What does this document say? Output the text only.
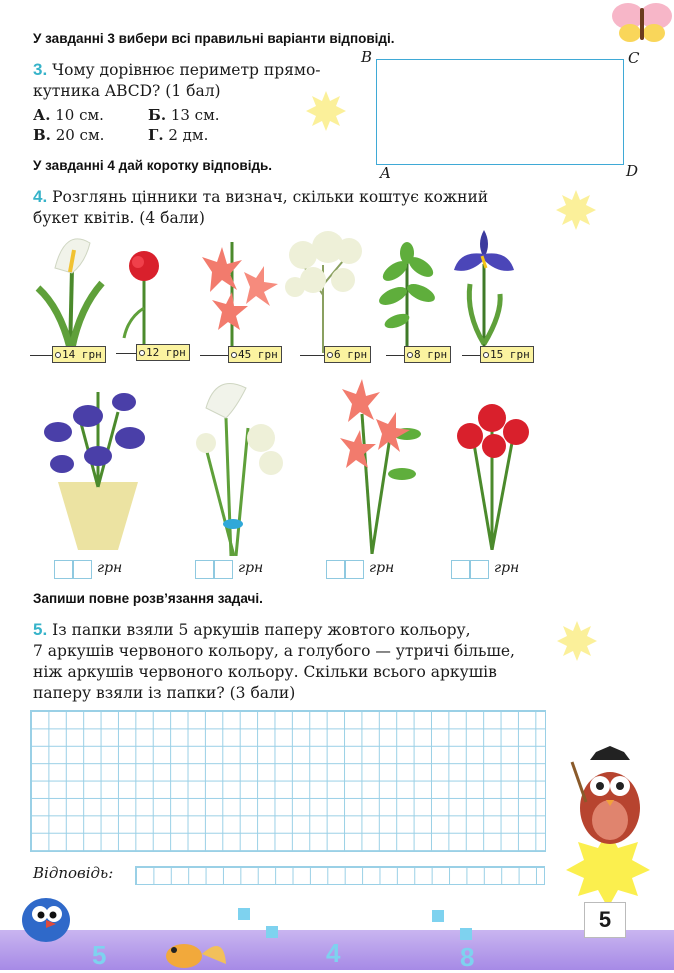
У завданні 3 вибери всі правильні варіанти відповіді.
3. Чому дорівнює периметр прямо-
кутника ABCD? (1 бал)
А. 10 см.	Б. 13 см.
В. 20 см.	Г. 2 дм.
B	C
A	D
У завданні 4 дай коротку відповідь.
4. Розглянь цінники та визнач, скільки коштує кожний
букет квітів. (4 бали)
14 грн	12 грн	45 грн	6 грн	8 грн	15 грн
грн	грн	грн	грн
Запиши повне розв’язання задачі.
5. Із папки взяли 5 аркушів паперу жовтого кольору,
7 аркушів червоного кольору, а голубого — утричі більше,
ніж аркушів червоного кольору. Скільки всього аркушів
паперу взяли із папки? (3 бали)
Відповідь:
5	4	8
5
